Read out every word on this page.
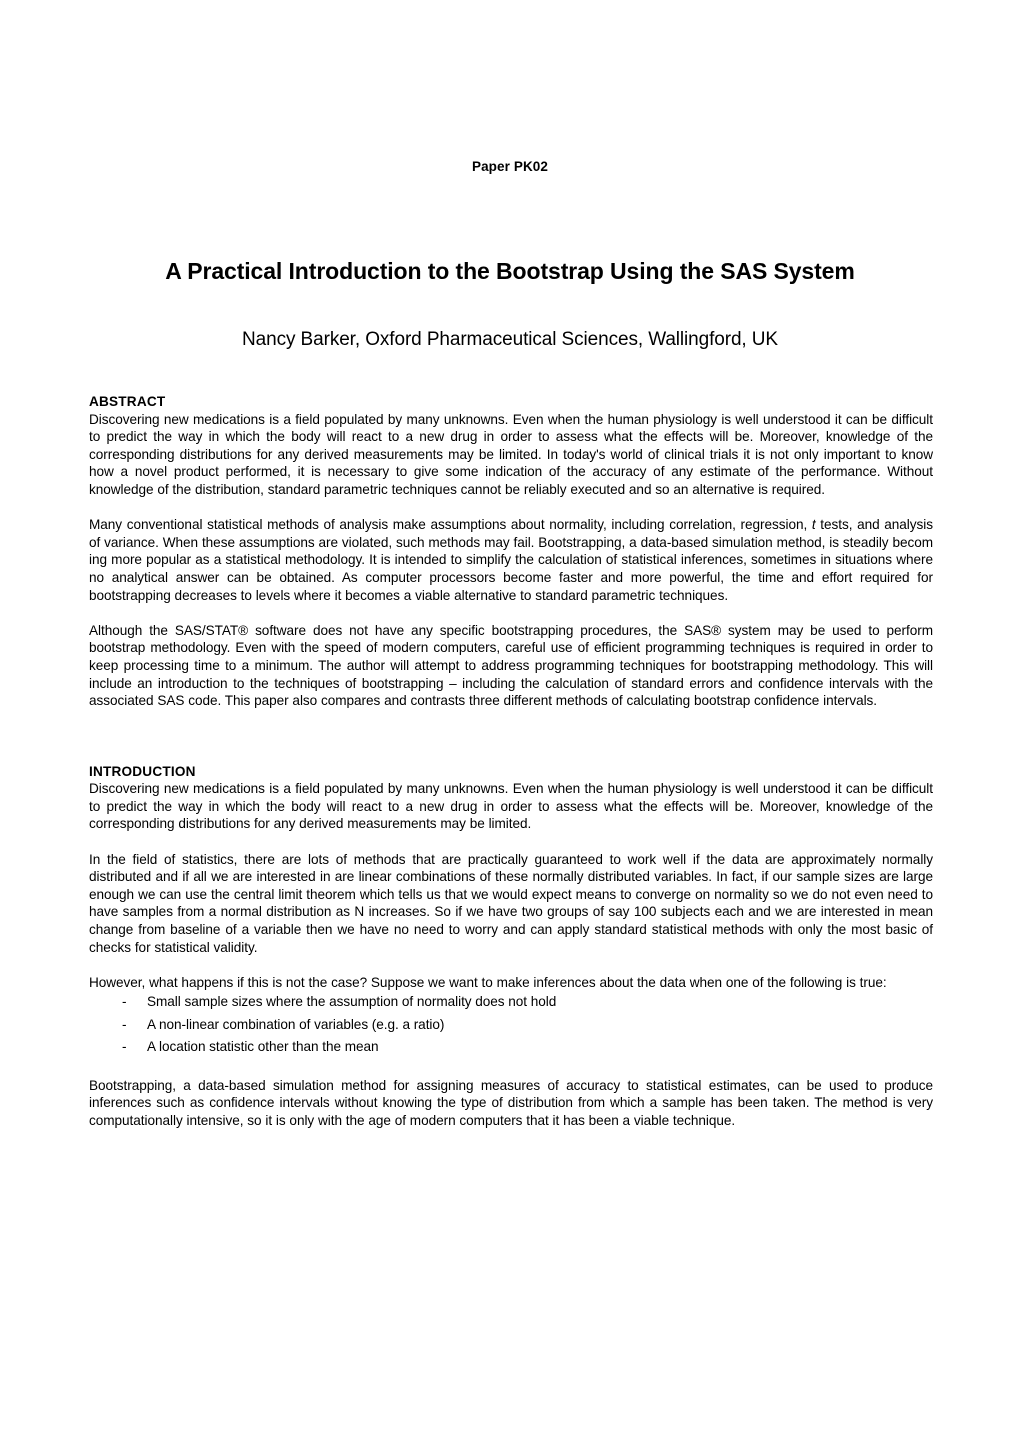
Paper PK02
A Practical Introduction to the Bootstrap Using the SAS System
Nancy Barker, Oxford Pharmaceutical Sciences, Wallingford, UK
ABSTRACT

Discovering new medications is a field populated by many unknowns. Even when the human physiology is well understood it can be difficult to predict the way in which the body will react to a new drug in order to assess what the effects will be. Moreover, knowledge of the corresponding distributions for any derived measurements may be limited. In today's world of clinical trials it is not only important to know how a novel product performed, it is necessary to give some indication of the accuracy of any estimate of the performance. Without knowledge of the distribution, standard parametric techniques cannot be reliably executed and so an alternative is required.

Many conventional statistical methods of analysis make assumptions about normality, including correlation, regression, t tests, and analysis of variance. When these assumptions are violated, such methods may fail. Bootstrapping, a data-based simulation method, is steadily becom ing more popular as a statistical methodology. It is intended to simplify the calculation of statistical inferences, sometimes in situations where no analytical answer can be obtained. As computer processors become faster and more powerful, the time and effort required for bootstrapping decreases to levels where it becomes a viable alternative to standard parametric techniques.

Although the SAS/STAT® software does not have any specific bootstrapping procedures, the SAS® system may be used to perform bootstrap methodology. Even with the speed of modern computers, careful use of efficient programming techniques is required in order to keep processing time to a minimum. The author will attempt to address programming techniques for bootstrapping methodology. This will include an introduction to the techniques of bootstrapping – including the calculation of standard errors and confidence intervals with the associated SAS code. This paper also compares and contrasts three different methods of calculating bootstrap confidence intervals.

INTRODUCTION

Discovering new medications is a field populated by many unknowns. Even when the human physiology is well understood it can be difficult to predict the way in which the body will react to a new drug in order to assess what the effects will be. Moreover, knowledge of the corresponding distributions for any derived measurements may be limited.

In the field of statistics, there are lots of methods that are practically guaranteed to work well if the data are approximately normally distributed and if all we are interested in are linear combinations of these normally distributed variables. In fact, if our sample sizes are large enough we can use the central limit theorem which tells us that we would expect means to converge on normality so we do not even need to have samples from a normal distribution as N increases. So if we have two groups of say 100 subjects each and we are interested in mean change from baseline of a variable then we have no need to worry and can apply standard statistical methods with only the most basic of checks for statistical validity.

However, what happens if this is not the case? Suppose we want to make inferences about the data when one of the following is true:

- Small sample sizes where the assumption of normality does not hold
- A non-linear combination of variables (e.g. a ratio)
- A location statistic other than the mean

Bootstrapping, a data-based simulation method for assigning measures of accuracy to statistical estimates, can be used to produce inferences such as confidence intervals without knowing the type of distribution from which a sample has been taken. The method is very computationally intensive, so it is only with the age of modern computers that it has been a viable technique.
